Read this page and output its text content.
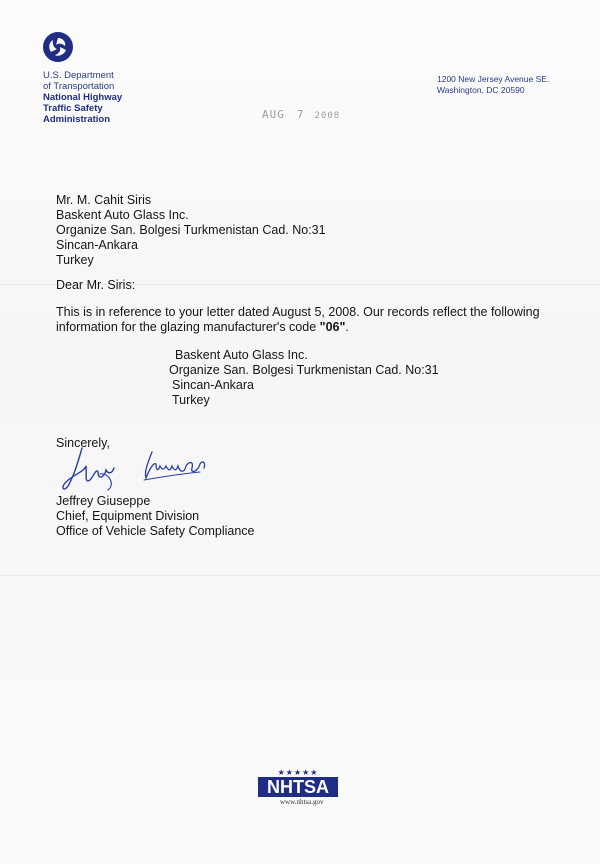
U.S. Department
of Transportation
National Highway
Traffic Safety
Administration
1200 New Jersey Avenue SE.
Washington, DC 20590
AUG 7 2008
Mr. M. Cahit Siris
Baskent Auto Glass Inc.
Organize San. Bolgesi Turkmenistan Cad. No:31
Sincan-Ankara
Turkey
Dear Mr. Siris:
This is in reference to your letter dated August 5, 2008. Our records reflect the following
information for the glazing manufacturer's code "06".
Baskent Auto Glass Inc.
Organize San. Bolgesi Turkmenistan Cad. No:31
Sincan-Ankara
Turkey
Sincerely,
Jeffrey Giuseppe
Chief, Equipment Division
Office of Vehicle Safety Compliance
★★★★★
NHTSA
www.nhtsa.gov
